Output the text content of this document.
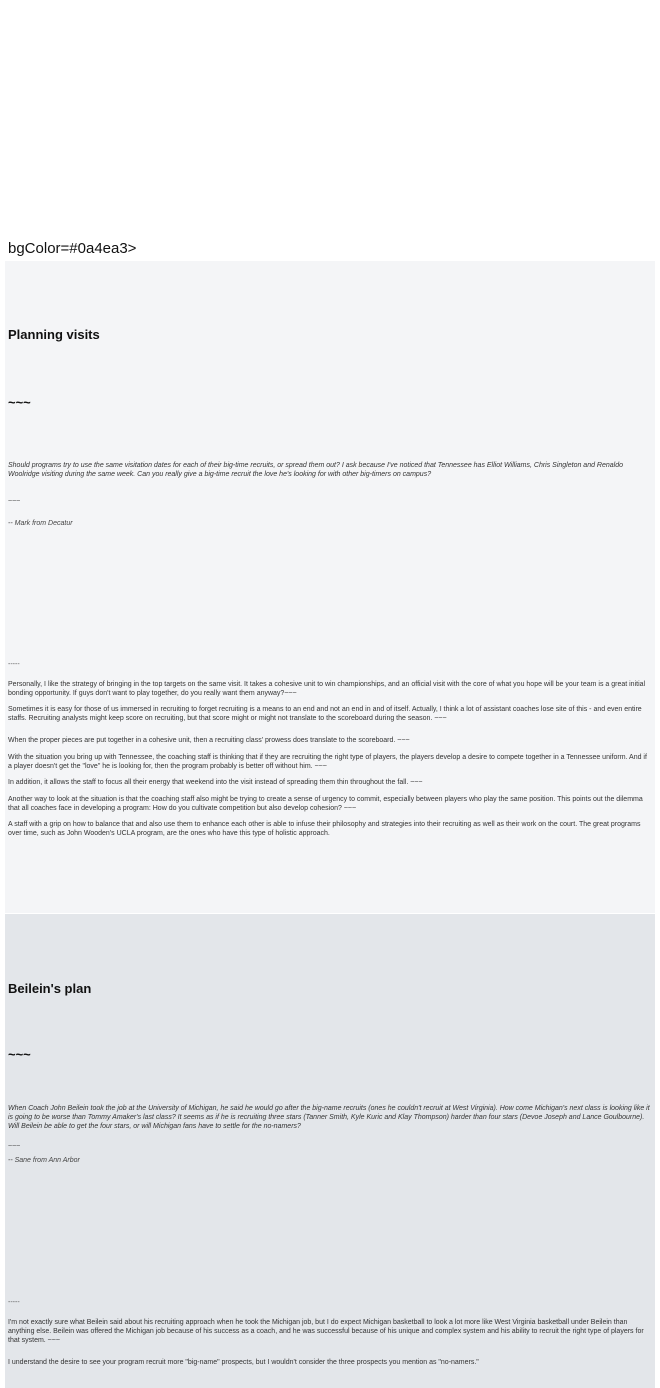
bgColor=#0a4ea3>
Planning visits
~~~

Should programs try to use the same visitation dates for each of their big-time recruits, or spread them out? I ask because I've noticed that Tennessee has Elliot Williams, Chris Singleton and Renaldo Woolridge visiting during the same week. Can you really give a big-time recruit the love he's looking for with other big-timers on campus?

~~~
-- Mark from Decatur
-----

Personally, I like the strategy of bringing in the top targets on the same visit. It takes a cohesive unit to win championships, and an official visit with the core of what you hope will be your team is a great initial bonding opportunity. If guys don't want to play together, do you really want them anyway?~~~

Sometimes it is easy for those of us immersed in recruiting to forget recruiting is a means to an end and not an end in and of itself. Actually, I think a lot of assistant coaches lose site of this - and even entire staffs. Recruiting analysts might keep score on recruiting, but that score might or might not translate to the scoreboard during the season. ~~~

When the proper pieces are put together in a cohesive unit, then a recruiting class' prowess does translate to the scoreboard. ~~~

With the situation you bring up with Tennessee, the coaching staff is thinking that if they are recruiting the right type of players, the players develop a desire to compete together in a Tennessee uniform. And if a player doesn't get the "love" he is looking for, then the program probably is better off without him. ~~~

In addition, it allows the staff to focus all their energy that weekend into the visit instead of spreading them thin throughout the fall. ~~~

Another way to look at the situation is that the coaching staff also might be trying to create a sense of urgency to commit, especially between players who play the same position. This points out the dilemma that all coaches face in developing a program: How do you cultivate competition but also develop cohesion? ~~~

A staff with a grip on how to balance that and also use them to enhance each other is able to infuse their philosophy and strategies into their recruiting as well as their work on the court. The great programs over time, such as John Wooden's UCLA program, are the ones who have this type of holistic approach.

Beilein's plan
~~~

When Coach John Beilein took the job at the University of Michigan, he said he would go after the big-name recruits (ones he couldn't recruit at West Virginia). How come Michigan's next class is looking like it is going to be worse than Tommy Amaker's last class? It seems as if he is recruiting three stars (Tanner Smith, Kyle Kuric and Klay Thompson) harder than four stars (Devoe Joseph and Lance Goulbourne). Will Beilein be able to get the four stars, or will Michigan fans have to settle for the no-namers?

~~~
-- Sane from Ann Arbor
-----

I'm not exactly sure what Beilein said about his recruiting approach when he took the Michigan job, but I do expect Michigan basketball to look a lot more like West Virginia basketball under Beilein than anything else. Beilein was offered the Michigan job because of his success as a coach, and he was successful because of his unique and complex system and his ability to recruit the right type of players for that system. ~~~

I understand the desire to see your program recruit more "big-name" prospects, but I wouldn't consider the three prospects you mention as "no-namers."
